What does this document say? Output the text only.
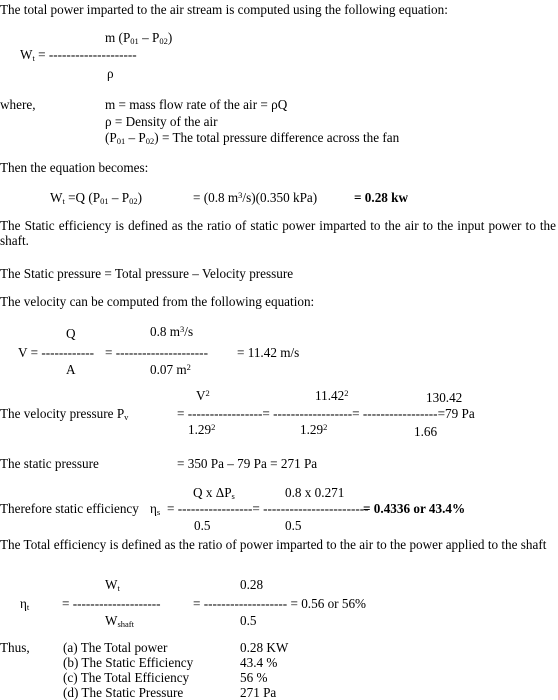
The total power imparted to the air stream is computed using the following equation:
m $(P_{01} - P_{02})$
$W_t$ = --------------------
ρ
where,	m = mass flow rate of the air = ρQ
ρ = Density of the air
$(P_{01} - P_{02})$ = The total pressure difference across the fan
Then the equation becomes:
$W_t =Q$ $(P_{01} - P_{02})$	= (0.8 $m^3/s)(0.350$ kPa)	= 0.28 kw
The Static efficiency is defined as the ratio of static power imparted to the air to the input power to the shaft.
The Static pressure = Total pressure – Velocity pressure
The velocity can be computed from the following equation:
Q	0.8 $m^3/s$
V = ------------ = --------------------- = 11.42 m/s
A	0.07 $m^2$
$V^2$	11.42$^2$	130.42
The velocity pressure $P_v$	= -----------------= ------------------= -----------------=79 Pa
1.29$^2$	1.29$^2$	1.66
The static pressure	= 350 Pa – 79 Pa = 271 Pa
Q x $\Delta P_s$	0.8 x 0.271
Therefore static efficiency $\eta_s$ = -----------------= ------------------------
= 0.4336 or 43.4%
0.5	0.5
The Total efficiency is defined as the ratio of power imparted to the air to the power applied to the shaft
$W_t$	0.28
$\eta_t$ = -------------------- = ------------------- = 0.56 or 56%
$W_{shaft}$	0.5
Thus,	(a) The Total power	0.28 KW
(b) The Static Efficiency	43.4 %
(c) The Total Efficiency	56 %
(d) The Static Pressure	271 Pa
